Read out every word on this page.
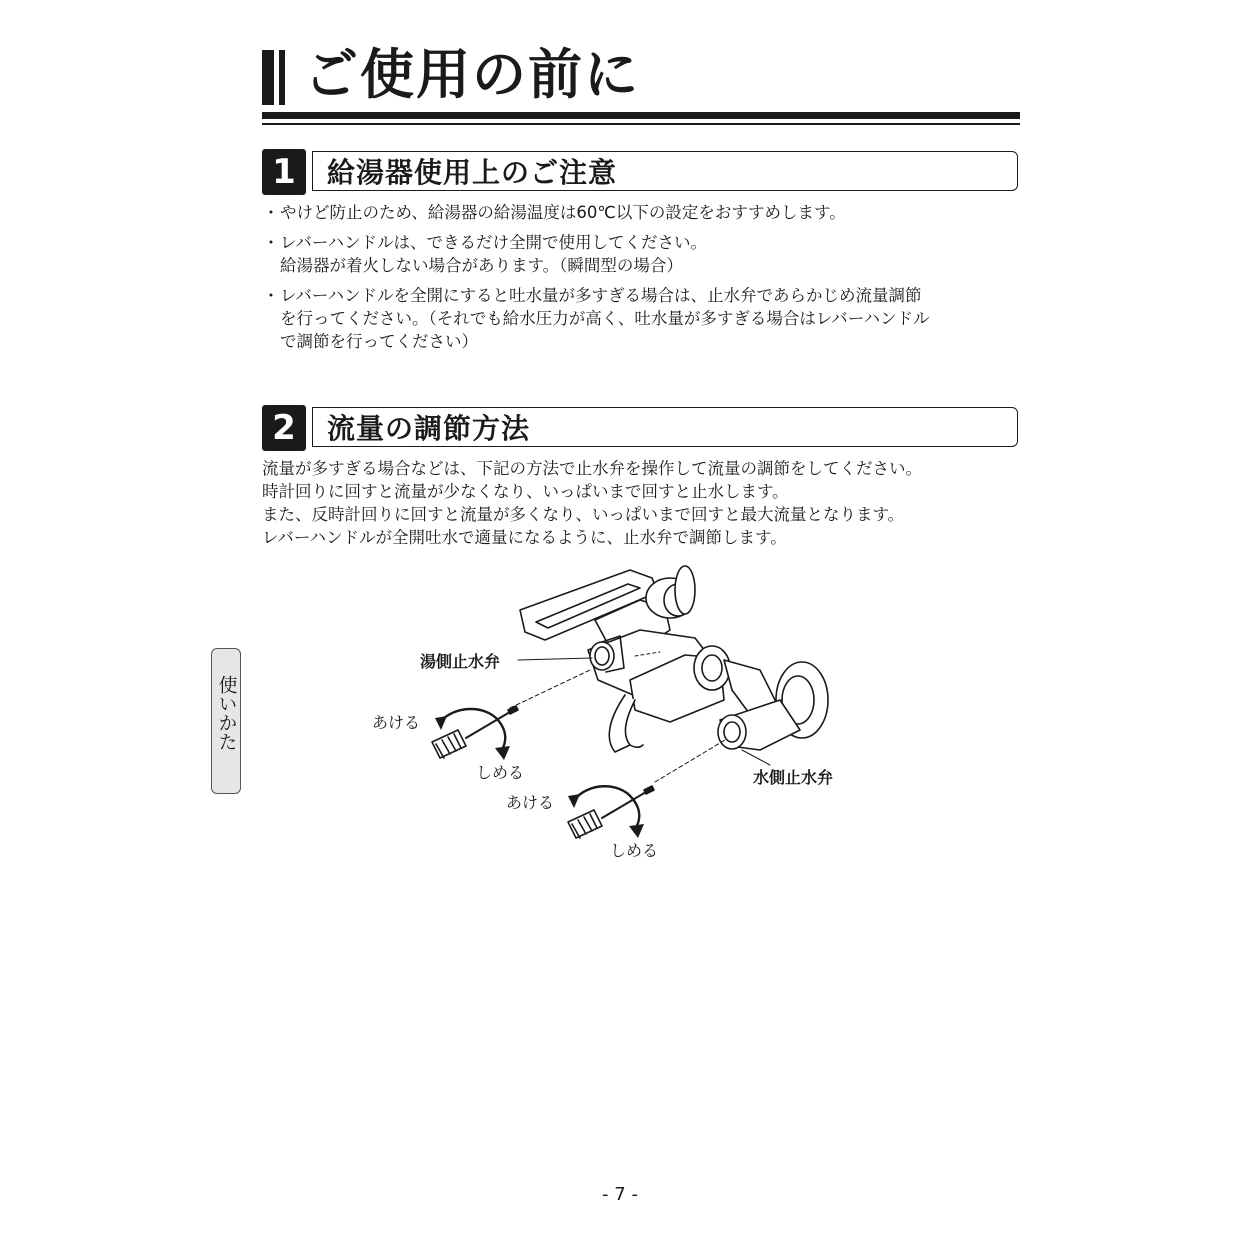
ご使用の前に
1	給湯器使用上のご注意
・ やけど防止のため、給湯器の給湯温度は60℃以下の設定をおすすめします。
・ レバーハンドルは、できるだけ全開で使用してください。
給湯器が着火しない場合があります。（瞬間型の場合）
・ レバーハンドルを全開にすると吐水量が多すぎる場合は、止水弁であらかじめ流量調節
を行ってください。（それでも給水圧力が高く、吐水量が多すぎる場合はレバーハンドル
で調節を行ってください）
2	流量の調節方法

流量が多すぎる場合などは、下記の方法で止水弁を操作して流量の調節をしてください。

時計回りに回すと流量が少なくなり、いっぱいまで回すと止水します。

また、反時計回りに回すと流量が多くなり、いっぱいまで回すと最大流量となります。

レバーハンドルが全開吐水で適量になるように、止水弁で調節します。

使いかた
湯側止水弁
水側止水弁
あける
しめる
あける
しめる
- 7 -
